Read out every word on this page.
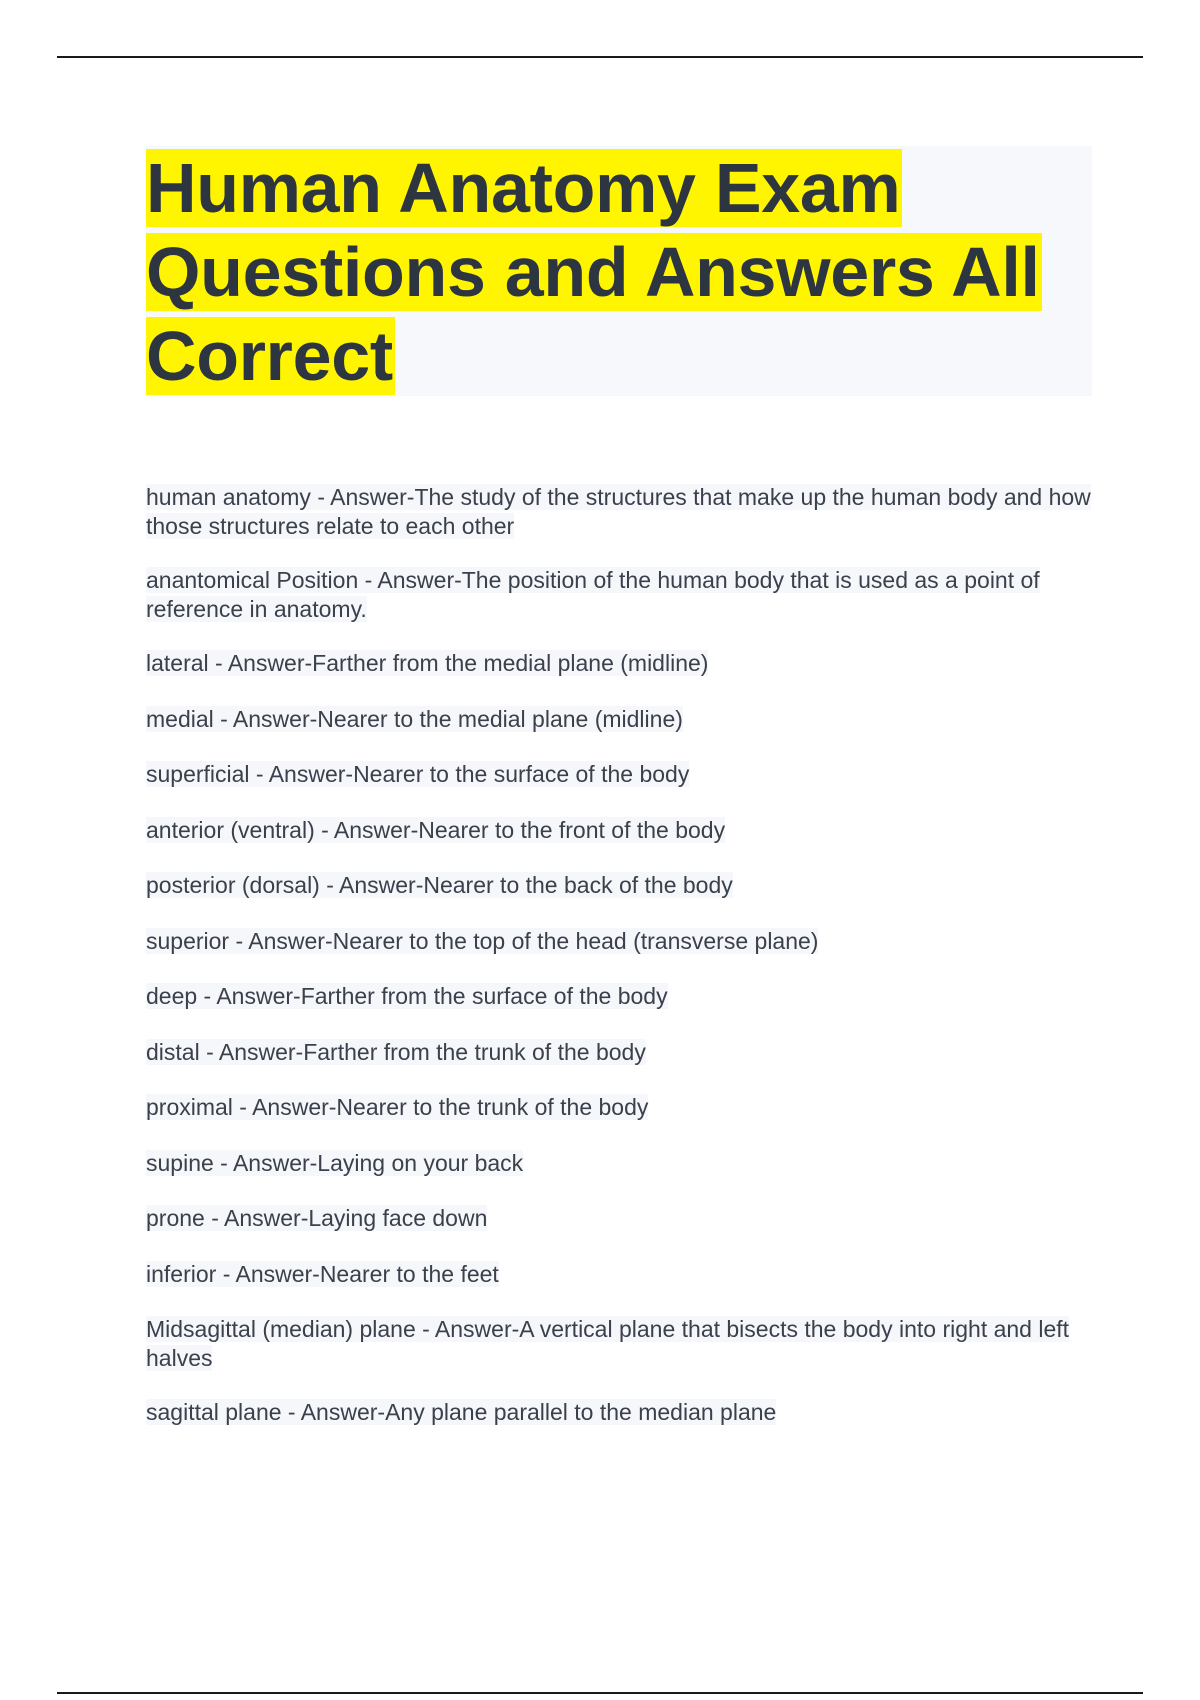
Human Anatomy Exam Questions and Answers All Correct

human anatomy - Answer-The study of the structures that make up the human body and how those structures relate to each other

anantomical Position - Answer-The position of the human body that is used as a point of reference in anatomy.

lateral - Answer-Farther from the medial plane (midline)

medial - Answer-Nearer to the medial plane (midline)

superficial - Answer-Nearer to the surface of the body

anterior (ventral) - Answer-Nearer to the front of the body

posterior (dorsal) - Answer-Nearer to the back of the body

superior - Answer-Nearer to the top of the head (transverse plane)

deep - Answer-Farther from the surface of the body

distal - Answer-Farther from the trunk of the body

proximal - Answer-Nearer to the trunk of the body

supine - Answer-Laying on your back

prone - Answer-Laying face down

inferior - Answer-Nearer to the feet

Midsagittal (median) plane - Answer-A vertical plane that bisects the body into right and left halves

sagittal plane - Answer-Any plane parallel to the median plane
